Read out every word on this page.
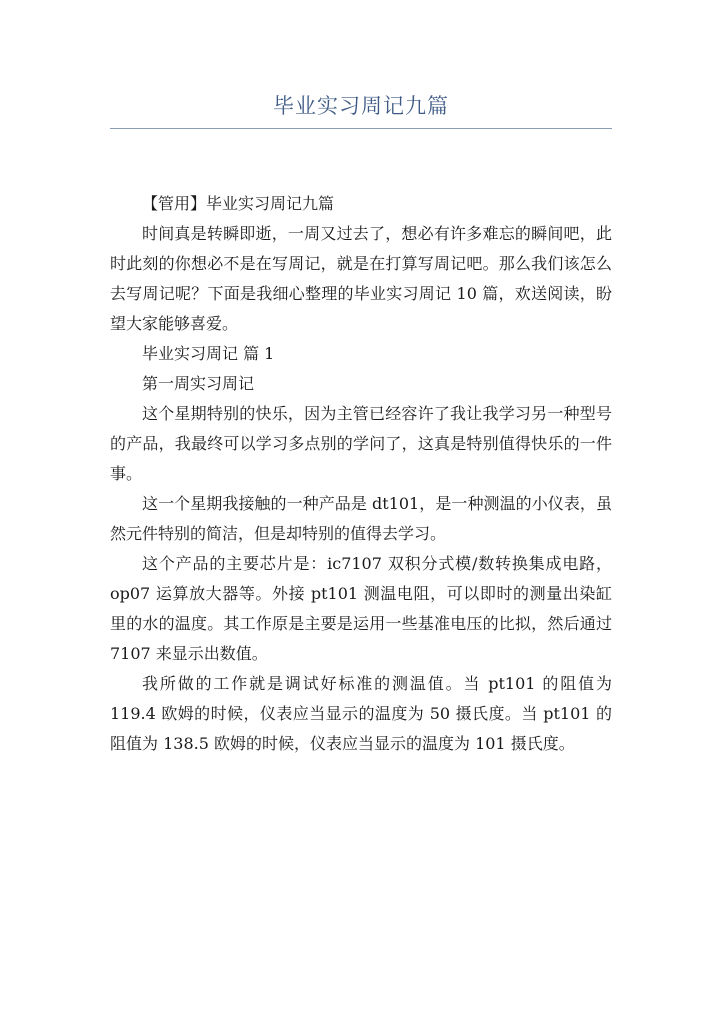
毕业实习周记九篇

【管用】毕业实习周记九篇

时间真是转瞬即逝，一周又过去了，想必有许多难忘的瞬间吧，此时此刻的你想必不是在写周记，就是在打算写周记吧。那么我们该怎么去写周记呢？下面是我细心整理的毕业实习周记 10 篇，欢送阅读，盼望大家能够喜爱。

毕业实习周记 篇 1

第一周实习周记

这个星期特别的快乐，因为主管已经容许了我让我学习另一种型号的产品，我最终可以学习多点别的学问了，这真是特别值得快乐的一件事。

这一个星期我接触的一种产品是 dt101，是一种测温的小仪表，虽然元件特别的简洁，但是却特别的值得去学习。

这个产品的主要芯片是：ic7107 双积分式模/数转换集成电路，op07 运算放大器等。外接 pt101 测温电阻，可以即时的测量出染缸里的水的温度。其工作原是主要是运用一些基准电压的比拟，然后通过 7107 来显示出数值。

我所做的工作就是调试好标准的测温值。当 pt101 的阻值为 119.4 欧姆的时候，仪表应当显示的温度为 50 摄氏度。当 pt101 的阻值为 138.5 欧姆的时候，仪表应当显示的温度为 101 摄氏度。
